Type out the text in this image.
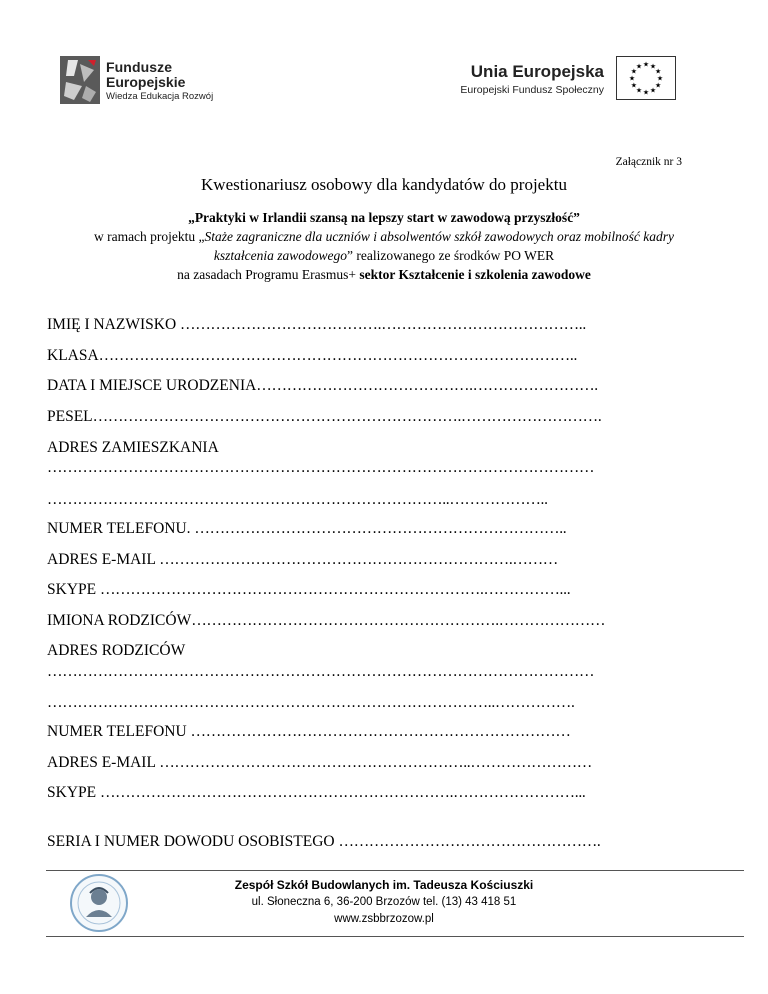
Fundusze
Europejskie
Wiedza Edukacja Rozwój
Unia Europejska
Europejski Fundusz Społeczny
★
★
★
★
★
★
★
★
★ ★ ★
★
Załącznik nr 3
Kwestionariusz osobowy dla kandydatów do projektu
„Praktyki w Irlandii szansą na lepszy start w zawodową przyszłość”
w ramach projektu „Staże zagraniczne dla uczniów i absolwentów szkół zawodowych oraz mobilność kadry
kształcenia zawodowego” realizowanego ze środków PO WER
na zasadach Programu Erasmus+ sektor Kształcenie i szkolenia zawodowe
IMIĘ I NAZWISKO ………………………………….…………………………………..
KLASA…………………………………………………………………………………..
DATA I MIEJSCE URODZENIA…………………………………….…………………….
PESEL……………………………………………………………….……………………….
ADRES ZAMIESZKANIA
………………………………………………………………………………………………
……………………………………………………………………..………………..
NUMER TELEFONU. ………………………………………………………………..
ADRES E-MAIL …………………………………………………………….………
SKYPE ………………………………………………………………….……………...
IMIONA RODZICÓW…………………………………………………….…………………
ADRES RODZICÓW
………………………………………………………………………………………………
……………………………………………………………………………..…………….
NUMER TELEFONU …………………………………………………………………
ADRES E-MAIL ……………………………………………………..……………………
SKYPE …………………………………………………………….……………………...
SERIA I NUMER DOWODU OSOBISTEGO …………………………………………….
Zespół Szkół Budowlanych im. Tadeusza Kościuszki
ul. Słoneczna 6, 36-200 Brzozów tel. (13) 43 418 51
www.zsbbrzozow.pl
